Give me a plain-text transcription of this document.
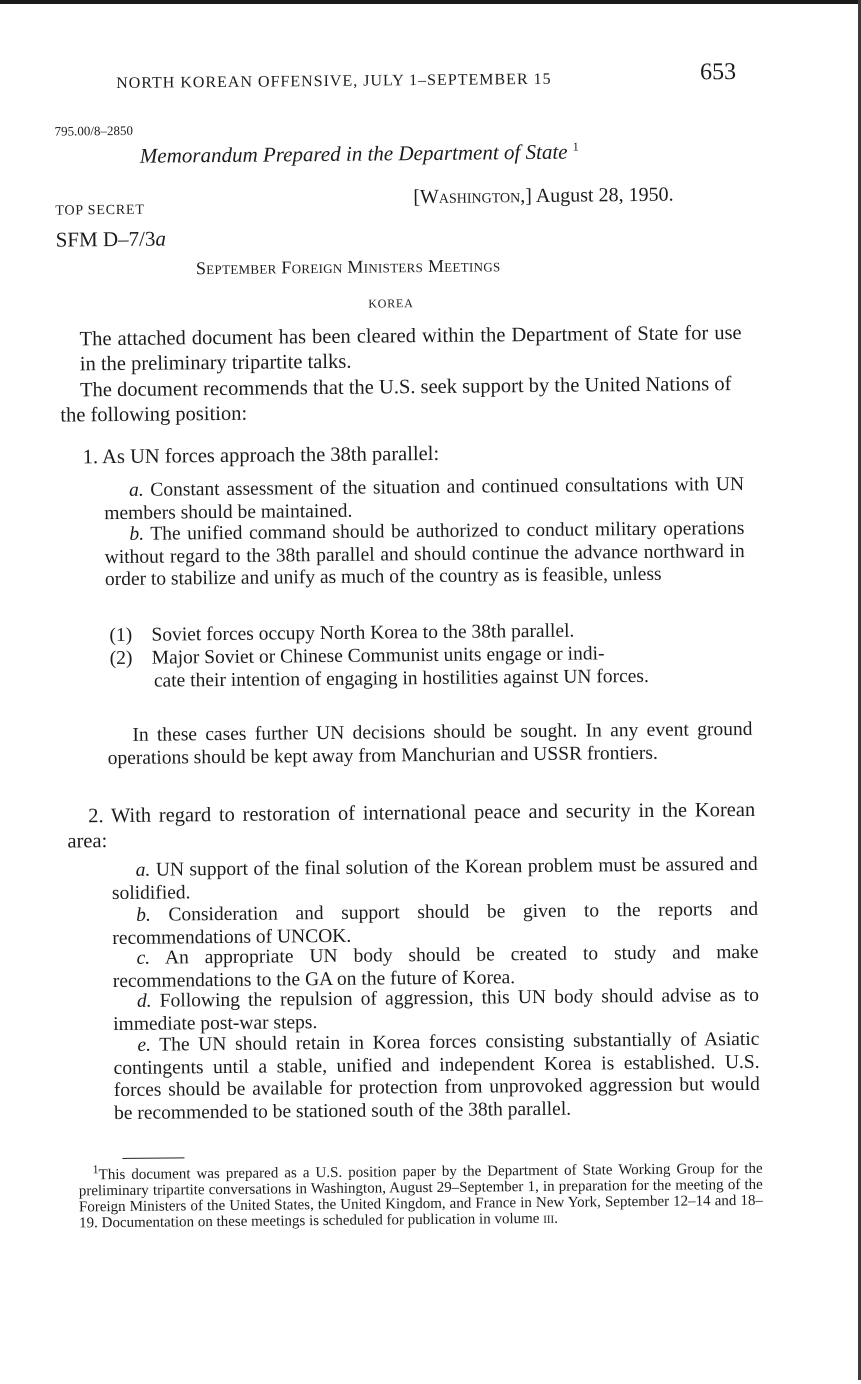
NORTH KOREAN OFFENSIVE, JULY 1–SEPTEMBER 15	653
795.00/8–2850
Memorandum Prepared in the Department of State $^1$
TOP SECRET
[Washington,] August 28, 1950.
SFM D–7/3a
September Foreign Ministers Meetings
KOREA
The attached document has been cleared within the Department of State for use in the preliminary tripartite talks.
The document recommends that the U.S. seek support by the United Nations of the following position:
1. As UN forces approach the 38th parallel:
a. Constant assessment of the situation and continued consultations with UN members should be maintained.
b. The unified command should be authorized to conduct military operations without regard to the 38th parallel and should continue the advance northward in order to stabilize and unify as much of the country as is feasible, unless
(1) Soviet forces occupy North Korea to the 38th parallel.
(2) Major Soviet or Chinese Communist units engage or indi-
cate their intention of engaging in hostilities against UN forces.
In these cases further UN decisions should be sought. In any event ground operations should be kept away from Manchurian and USSR frontiers.
2. With regard to restoration of international peace and security in the Korean area:
a. UN support of the final solution of the Korean problem must be assured and solidified.
b. Consideration and support should be given to the reports and recommendations of UNCOK.
c. An appropriate UN body should be created to study and make recommendations to the GA on the future of Korea.
d. Following the repulsion of aggression, this UN body should advise as to immediate post-war steps.
e. The UN should retain in Korea forces consisting substantially of Asiatic contingents until a stable, unified and independent Korea is established. U.S. forces should be available for protection from unprovoked aggression but would be recommended to be stationed south of the 38th parallel.
$^1$This document was prepared as a U.S. position paper by the Department of State Working Group for the preliminary tripartite conversations in Washington, August 29–September 1, in preparation for the meeting of the Foreign Ministers of the United States, the United Kingdom, and France in New York, September 12–14 and 18–19. Documentation on these meetings is scheduled for publication in volume iii.
